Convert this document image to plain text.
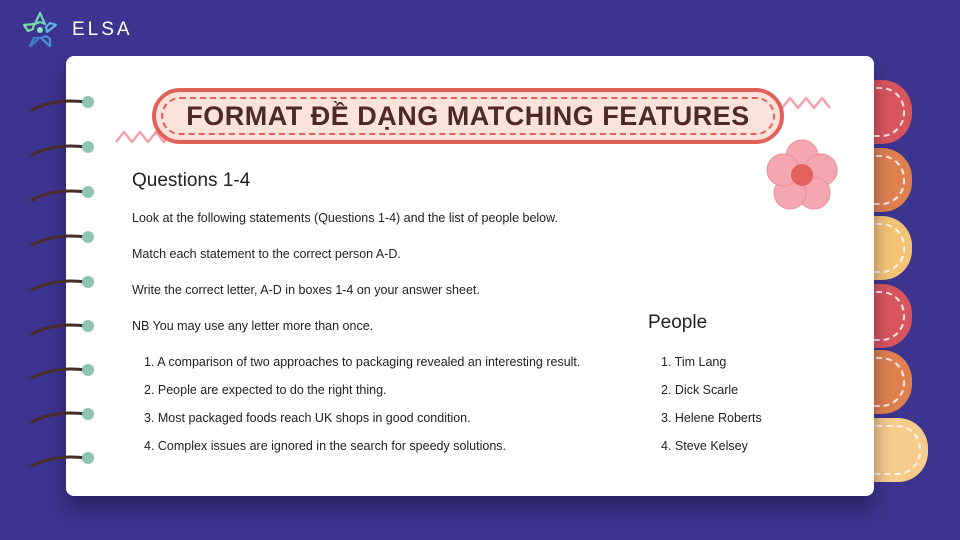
ELSA
FORMAT ĐỀ DẠNG MATCHING FEATURES
Questions 1-4
Look at the following statements (Questions 1-4) and the list of people below.
Match each statement to the correct person A-D.
Write the correct letter, A-D in boxes 1-4 on your answer sheet.
NB You may use any letter more than once.
1. A comparison of two approaches to packaging revealed an interesting result.
2. People are expected to do the right thing.
3. Most packaged foods reach UK shops in good condition.
4. Complex issues are ignored in the search for speedy solutions.
People
1. Tim Lang
2. Dick Scarle
3. Helene Roberts
4. Steve Kelsey
